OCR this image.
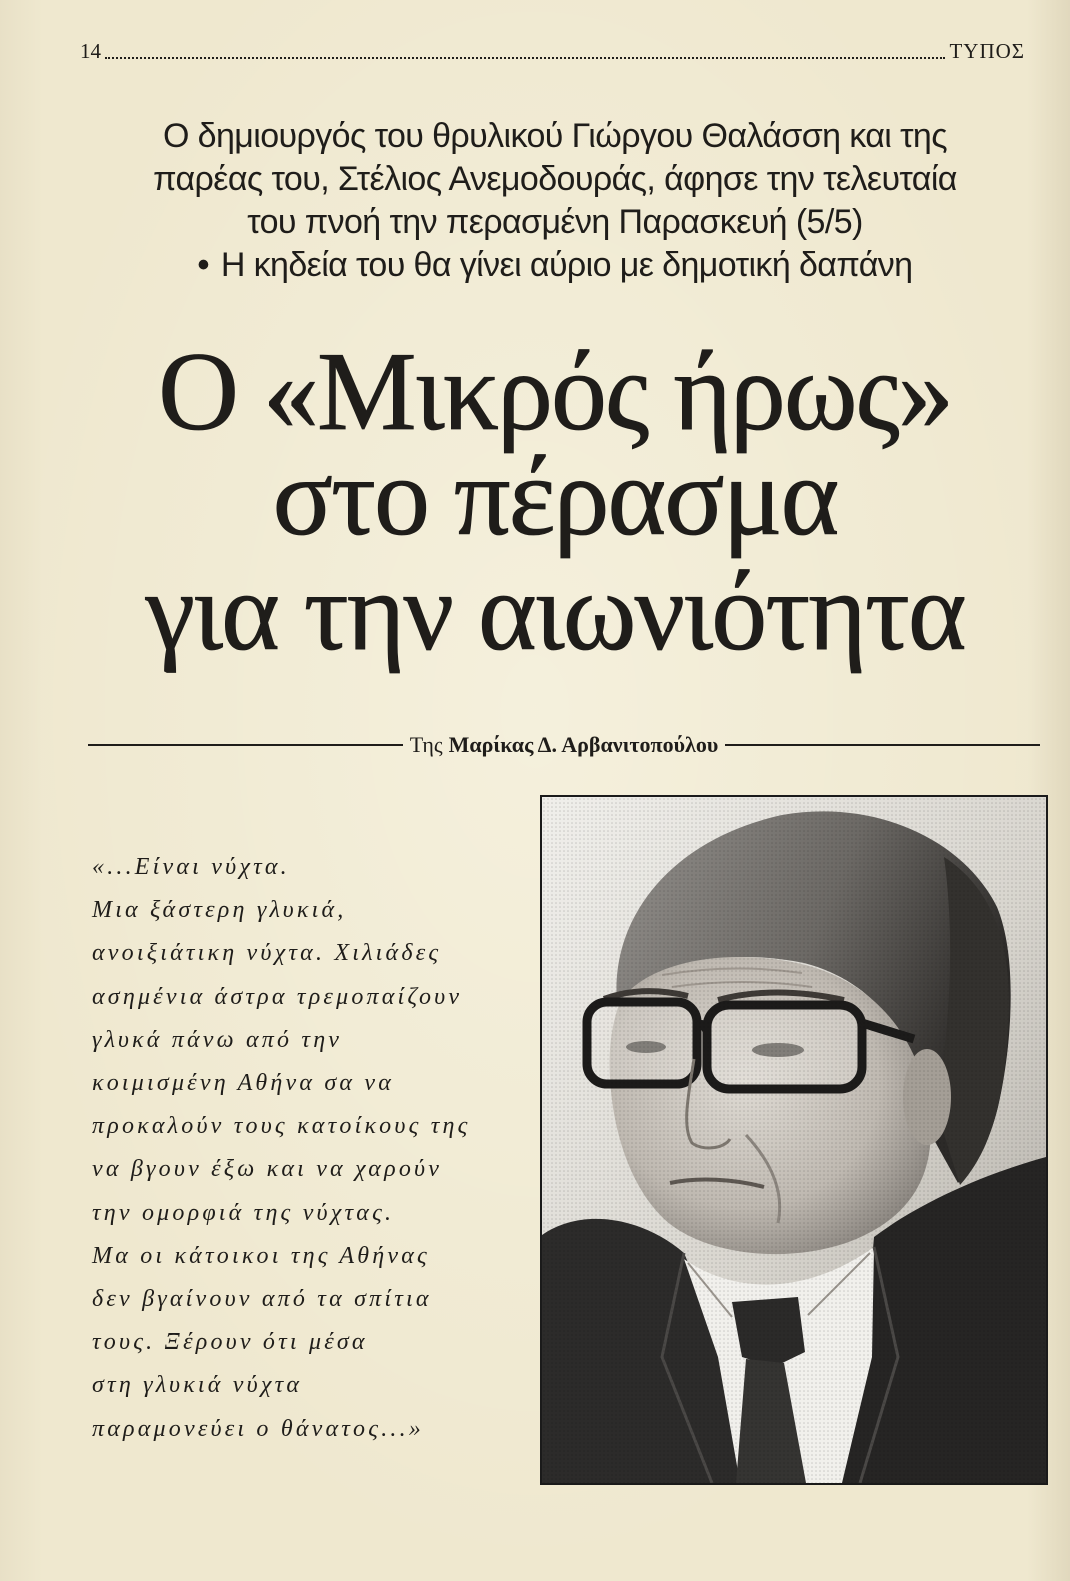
14	ΤΥΠΟΣ
Ο δημιουργός του θρυλικού Γιώργου Θαλάσση και της
παρέας του, Στέλιος Ανεμοδουράς, άφησε την τελευταία
του πνοή την περασμένη Παρασκευή (5/5)
• Η κηδεία του θα γίνει αύριο με δημοτική δαπάνη
Ο «Μικρός ήρως»
στο πέρασμα
για την αιωνιότητα
Της Μαρίκας Δ. Αρβανιτοπούλου
«...Είναι νύχτα.
Μια ξάστερη γλυκιά,
ανοιξιάτικη νύχτα. Χιλιάδες
ασημένια άστρα τρεμοπαίζουν
γλυκά πάνω από την
κοιμισμένη Αθήνα σα να
προκαλούν τους κατοίκους της
να βγουν έξω και να χαρούν
την ομορφιά της νύχτας.
Μα οι κάτοικοι της Αθήνας
δεν βγαίνουν από τα σπίτια
τους. Ξέρουν ότι μέσα
στη γλυκιά νύχτα
παραμονεύει ο θάνατος...»
